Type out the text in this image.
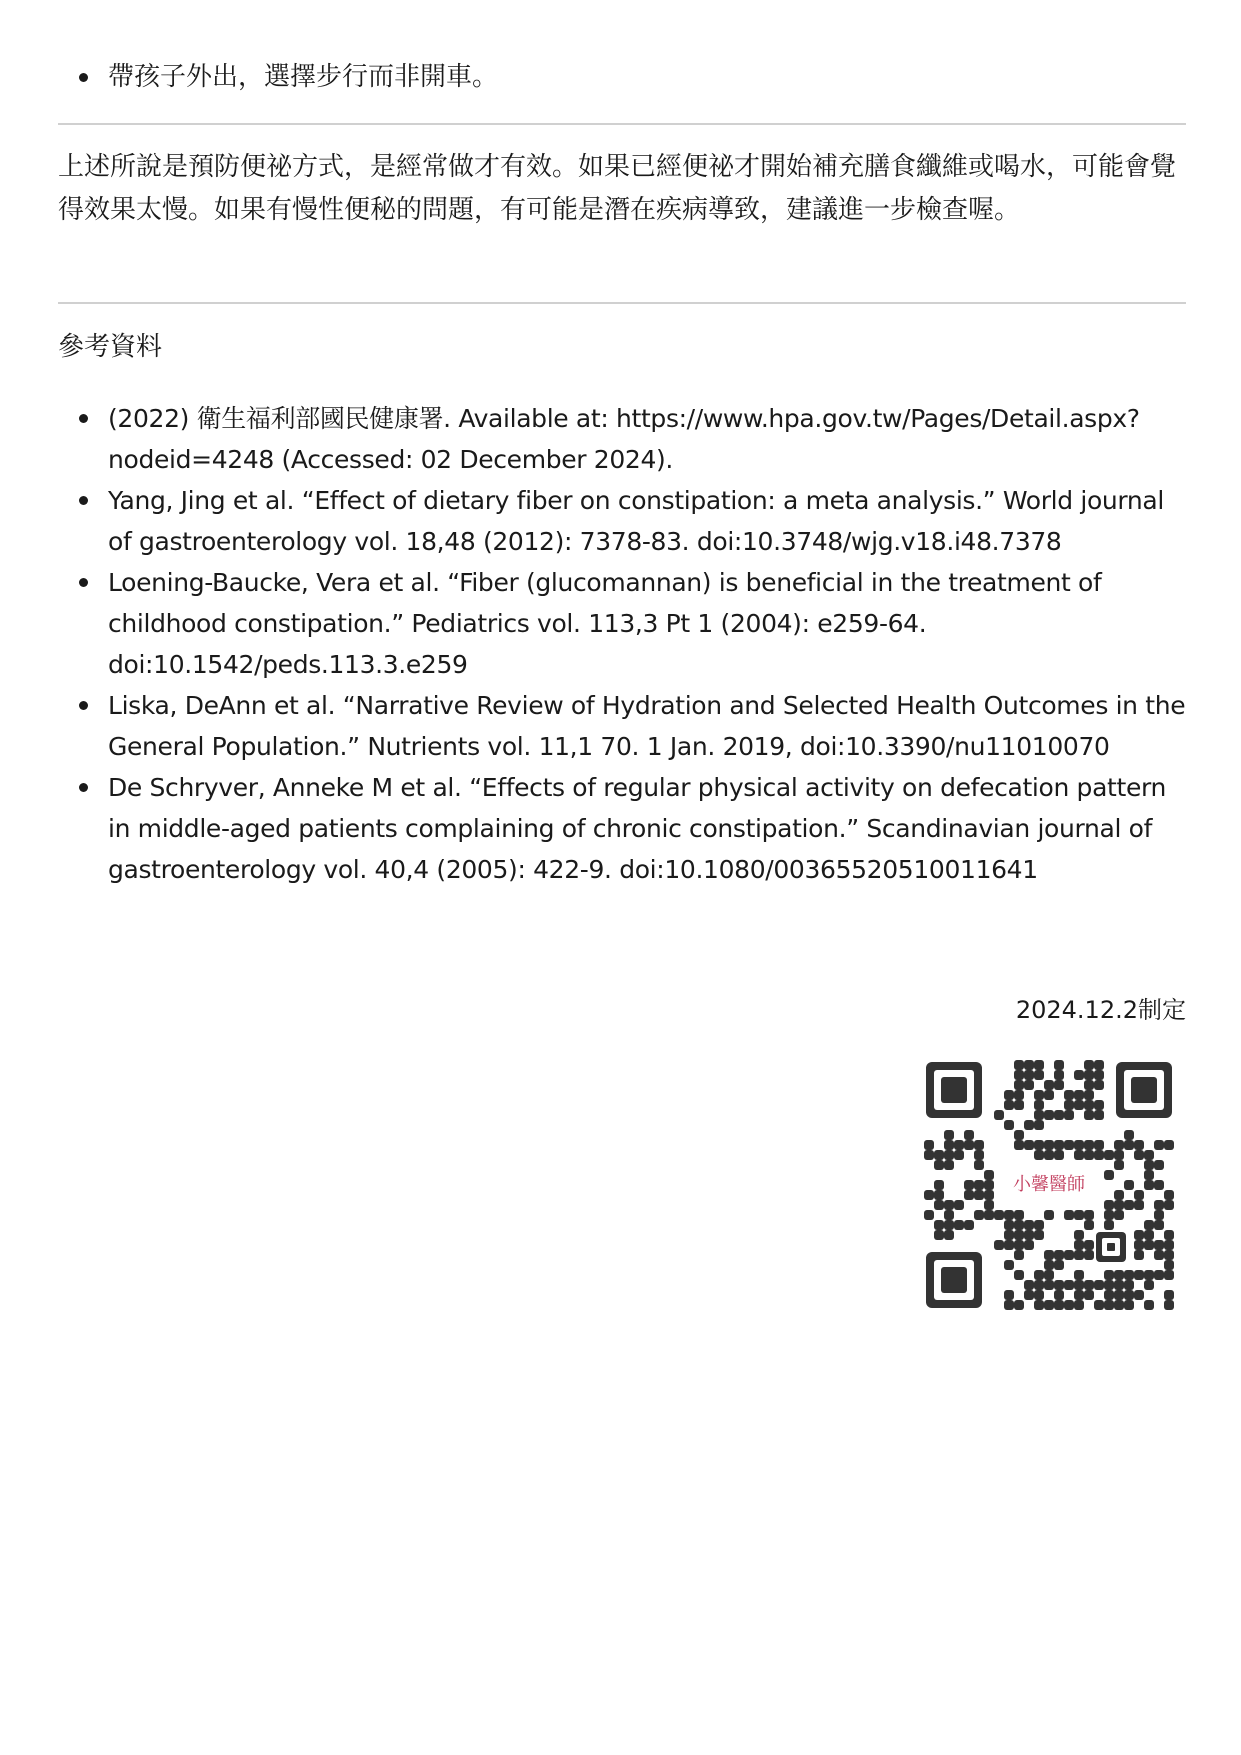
帶孩子外出，選擇步行而非開車。

上述所說是預防便祕方式，是經常做才有效。如果已經便祕才開始補充膳食纖維或喝水，可能會覺得效果太慢。如果有慢性便秘的問題，有可能是潛在疾病導致，建議進一步檢查喔。

參考資料
(2022) 衛生福利部國民健康署. Available at: https://www.hpa.gov.tw/Pages/Detail.aspx?nodeid=4248 (Accessed: 02 December 2024).
Yang, Jing et al. “Effect of dietary fiber on constipation: a meta analysis.” World journal of gastroenterology vol. 18,48 (2012): 7378-83. doi:10.3748/wjg.v18.i48.7378
Loening-Baucke, Vera et al. “Fiber (glucomannan) is beneficial in the treatment of childhood constipation.” Pediatrics vol. 113,3 Pt 1 (2004): e259-64. doi:10.1542/peds.113.3.e259
Liska, DeAnn et al. “Narrative Review of Hydration and Selected Health Outcomes in the General Population.” Nutrients vol. 11,1 70. 1 Jan. 2019, doi:10.3390/nu11010070
De Schryver, Anneke M et al. “Effects of regular physical activity on defecation pattern in middle-aged patients complaining of chronic constipation.” Scandinavian journal of gastroenterology vol. 40,4 (2005): 422-9. doi:10.1080/00365520510011641
2024.12.2制定
小馨醫師
